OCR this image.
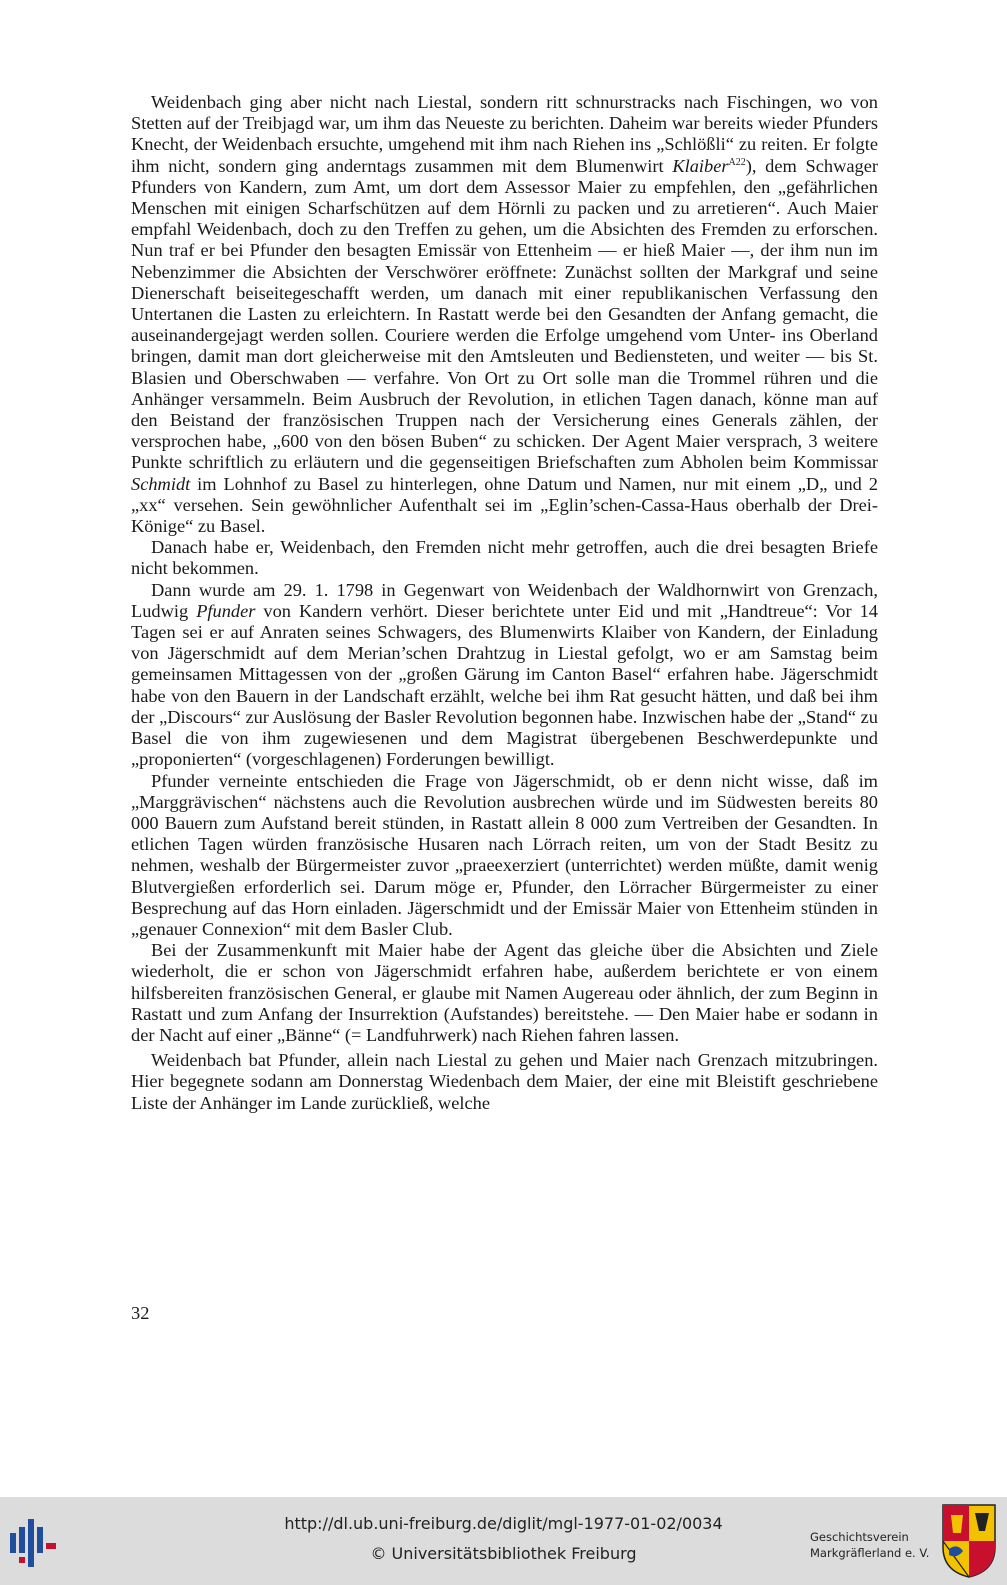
Weidenbach ging aber nicht nach Liestal, sondern ritt schnurstracks nach Fischingen, wo von Stetten auf der Treibjagd war, um ihm das Neueste zu berichten. Daheim war bereits wieder Pfunders Knecht, der Weidenbach ersuchte, umgehend mit ihm nach Riehen ins „Schlößli“ zu reiten. Er folgte ihm nicht, sondern ging anderntags zusammen mit dem Blumenwirt Klaiber$^{A22}$), dem Schwager Pfunders von Kandern, zum Amt, um dort dem Assessor Maier zu empfehlen, den „gefährlichen Menschen mit einigen Scharfschützen auf dem Hörnli zu packen und zu arretieren“. Auch Maier empfahl Weidenbach, doch zu den Treffen zu gehen, um die Absichten des Fremden zu erforschen. Nun traf er bei Pfunder den besagten Emissär von Ettenheim — er hieß Maier —, der ihm nun im Nebenzimmer die Absichten der Verschwörer eröffnete: Zunächst sollten der Markgraf und seine Dienerschaft beiseitegeschafft werden, um danach mit einer republikanischen Verfassung den Untertanen die Lasten zu erleichtern. In Rastatt werde bei den Gesandten der Anfang gemacht, die auseinandergejagt werden sollen. Couriere werden die Erfolge umgehend vom Unter- ins Oberland bringen, damit man dort gleicherweise mit den Amtsleuten und Bediensteten, und weiter — bis St. Blasien und Oberschwaben — verfahre. Von Ort zu Ort solle man die Trommel rühren und die Anhänger versammeln. Beim Ausbruch der Revolution, in etlichen Tagen danach, könne man auf den Beistand der französischen Truppen nach der Versicherung eines Generals zählen, der versprochen habe, „600 von den bösen Buben“ zu schicken. Der Agent Maier versprach, 3 weitere Punkte schriftlich zu erläutern und die gegenseitigen Briefschaften zum Abholen beim Kommissar Schmidt im Lohnhof zu Basel zu hinterlegen, ohne Datum und Namen, nur mit einem „D„ und 2 „xx“ versehen. Sein gewöhnlicher Aufenthalt sei im „Eglin’schen-Cassa-Haus oberhalb der Drei-Könige“ zu Basel.

Danach habe er, Weidenbach, den Fremden nicht mehr getroffen, auch die drei besagten Briefe nicht bekommen.

Dann wurde am 29. 1. 1798 in Gegenwart von Weidenbach der Waldhornwirt von Grenzach, Ludwig Pfunder von Kandern verhört. Dieser berichtete unter Eid und mit „Handtreue“: Vor 14 Tagen sei er auf Anraten seines Schwagers, des Blumenwirts Klaiber von Kandern, der Einladung von Jägerschmidt auf dem Merian’schen Drahtzug in Liestal gefolgt, wo er am Samstag beim gemeinsamen Mittagessen von der „großen Gärung im Canton Basel“ erfahren habe. Jägerschmidt habe von den Bauern in der Landschaft erzählt, welche bei ihm Rat gesucht hätten, und daß bei ihm der „Discours“ zur Auslösung der Basler Revolution begonnen habe. Inzwischen habe der „Stand“ zu Basel die von ihm zugewiesenen und dem Magistrat übergebenen Beschwerdepunkte und „proponierten“ (vorgeschlagenen) Forderungen bewilligt.

Pfunder verneinte entschieden die Frage von Jägerschmidt, ob er denn nicht wisse, daß im „Marggrävischen“ nächstens auch die Revolution ausbrechen würde und im Südwesten bereits 80 000 Bauern zum Aufstand bereit stünden, in Rastatt allein 8 000 zum Vertreiben der Gesandten. In etlichen Tagen würden französische Husaren nach Lörrach reiten, um von der Stadt Besitz zu nehmen, weshalb der Bürgermeister zuvor „praeexerziert (unterrichtet) werden müßte, damit wenig Blutvergießen erforderlich sei. Darum möge er, Pfunder, den Lörracher Bürgermeister zu einer Besprechung auf das Horn einladen. Jägerschmidt und der Emissär Maier von Ettenheim stünden in „genauer Connexion“ mit dem Basler Club.

Bei der Zusammenkunft mit Maier habe der Agent das gleiche über die Absichten und Ziele wiederholt, die er schon von Jägerschmidt erfahren habe, außerdem berichtete er von einem hilfsbereiten französischen General, er glaube mit Namen Augereau oder ähnlich, der zum Beginn in Rastatt und zum Anfang der Insurrektion (Aufstandes) bereitstehe. — Den Maier habe er sodann in der Nacht auf einer „Bänne“ (= Landfuhrwerk) nach Riehen fahren lassen.

Weidenbach bat Pfunder, allein nach Liestal zu gehen und Maier nach Grenzach mitzubringen. Hier begegnete sodann am Donnerstag Wiedenbach dem Maier, der eine mit Bleistift geschriebene Liste der Anhänger im Lande zurückließ, welche

32
http://dl.ub.uni-freiburg.de/diglit/mgl-1977-01-02/0034
© Universitätsbibliothek Freiburg
Geschichtsverein
Markgräflerland e. V.
